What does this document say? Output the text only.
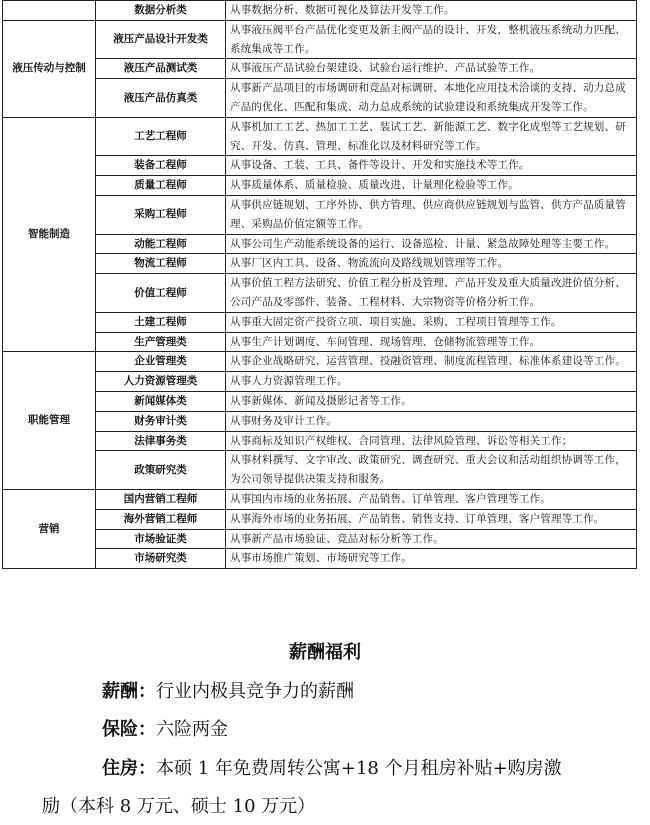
	数据分析类	从事数据分析、数据可视化及算法开发等工作。
液压传动与控制	液压产品设计开发类	从事液压阀平台产品优化变更及新主阀产品的设计、开发，整机液压系统动力匹配、系统集成等工作。
	液压产品测试类	从事液压产品试验台架建设、试验台运行维护、产品试验等工作。
	液压产品仿真类	从事新产品项目的市场调研和竞品对标调研、本地化应用技术洽谈的支持、动力总成产品的优化、匹配和集成、动力总成系统的试验建设和系统集成开发等工作。
智能制造	工艺工程师	从事机加工工艺、热加工工艺、装试工艺、新能源工艺、数字化成型等工艺规划、研究、开发、仿真、管理、标准化以及材料研究等工作。
	装备工程师	从事设备、工装、工具、备件等设计、开发和实施技术等工作。
	质量工程师	从事质量体系、质量检验、质量改进、计量理化检验等工作。
	采购工程师	从事供应链规划、工序外协、供方管理、供应商供应链规划与监管、供方产品质量管理、采购品价值定额等工作。
	动能工程师	从事公司生产动能系统设备的运行、设备巡检、计量、紧急故障处理等主要工作。
	物流工程师	从事厂区内工具、设备、物流流向及路线规划管理等工作。
	价值工程师	从事价值工程方法研究、价值工程分析及管理、产品开发及重大质量改进价值分析、公司产品及零部件、装备、工程材料、大宗物资等价格分析工作。
	土建工程师	从事重大固定资产投资立项、项目实施、采购、工程项目管理等工作。
	生产管理类	从事生产计划调度、车间管理、现场管理、仓储物流管理等工作。
职能管理	企业管理类	从事企业战略研究、运营管理、投融资管理、制度流程管理、标准体系建设等工作。
	人力资源管理类	从事人力资源管理工作。
	新闻媒体类	从事新媒体、新闻及摄影记者等工作。
	财务审计类	从事财务及审计工作。
	法律事务类	从事商标及知识产权维权、合同管理、法律风险管理、诉讼等相关工作；
	政策研究类	从事材料撰写、文字审改、政策研究、调查研究、重大会议和活动组织协调等工作，为公司领导提供决策支持和服务。
营销	国内营销工程师	从事国内市场的业务拓展、产品销售、订单管理、客户管理等工作。
	海外营销工程师	从事海外市场的业务拓展、产品销售、销售支持、订单管理、客户管理等工作。
	市场验证类	从事新产品市场验证、竞品对标分析等工作。
	市场研究类	从事市场推广策划、市场研究等工作。
薪酬福利
薪酬：行业内极具竞争力的薪酬
保险：六险两金
住房：本硕 1 年免费周转公寓+18 个月租房补贴+购房激
励（本科 8 万元、硕士 10 万元）
